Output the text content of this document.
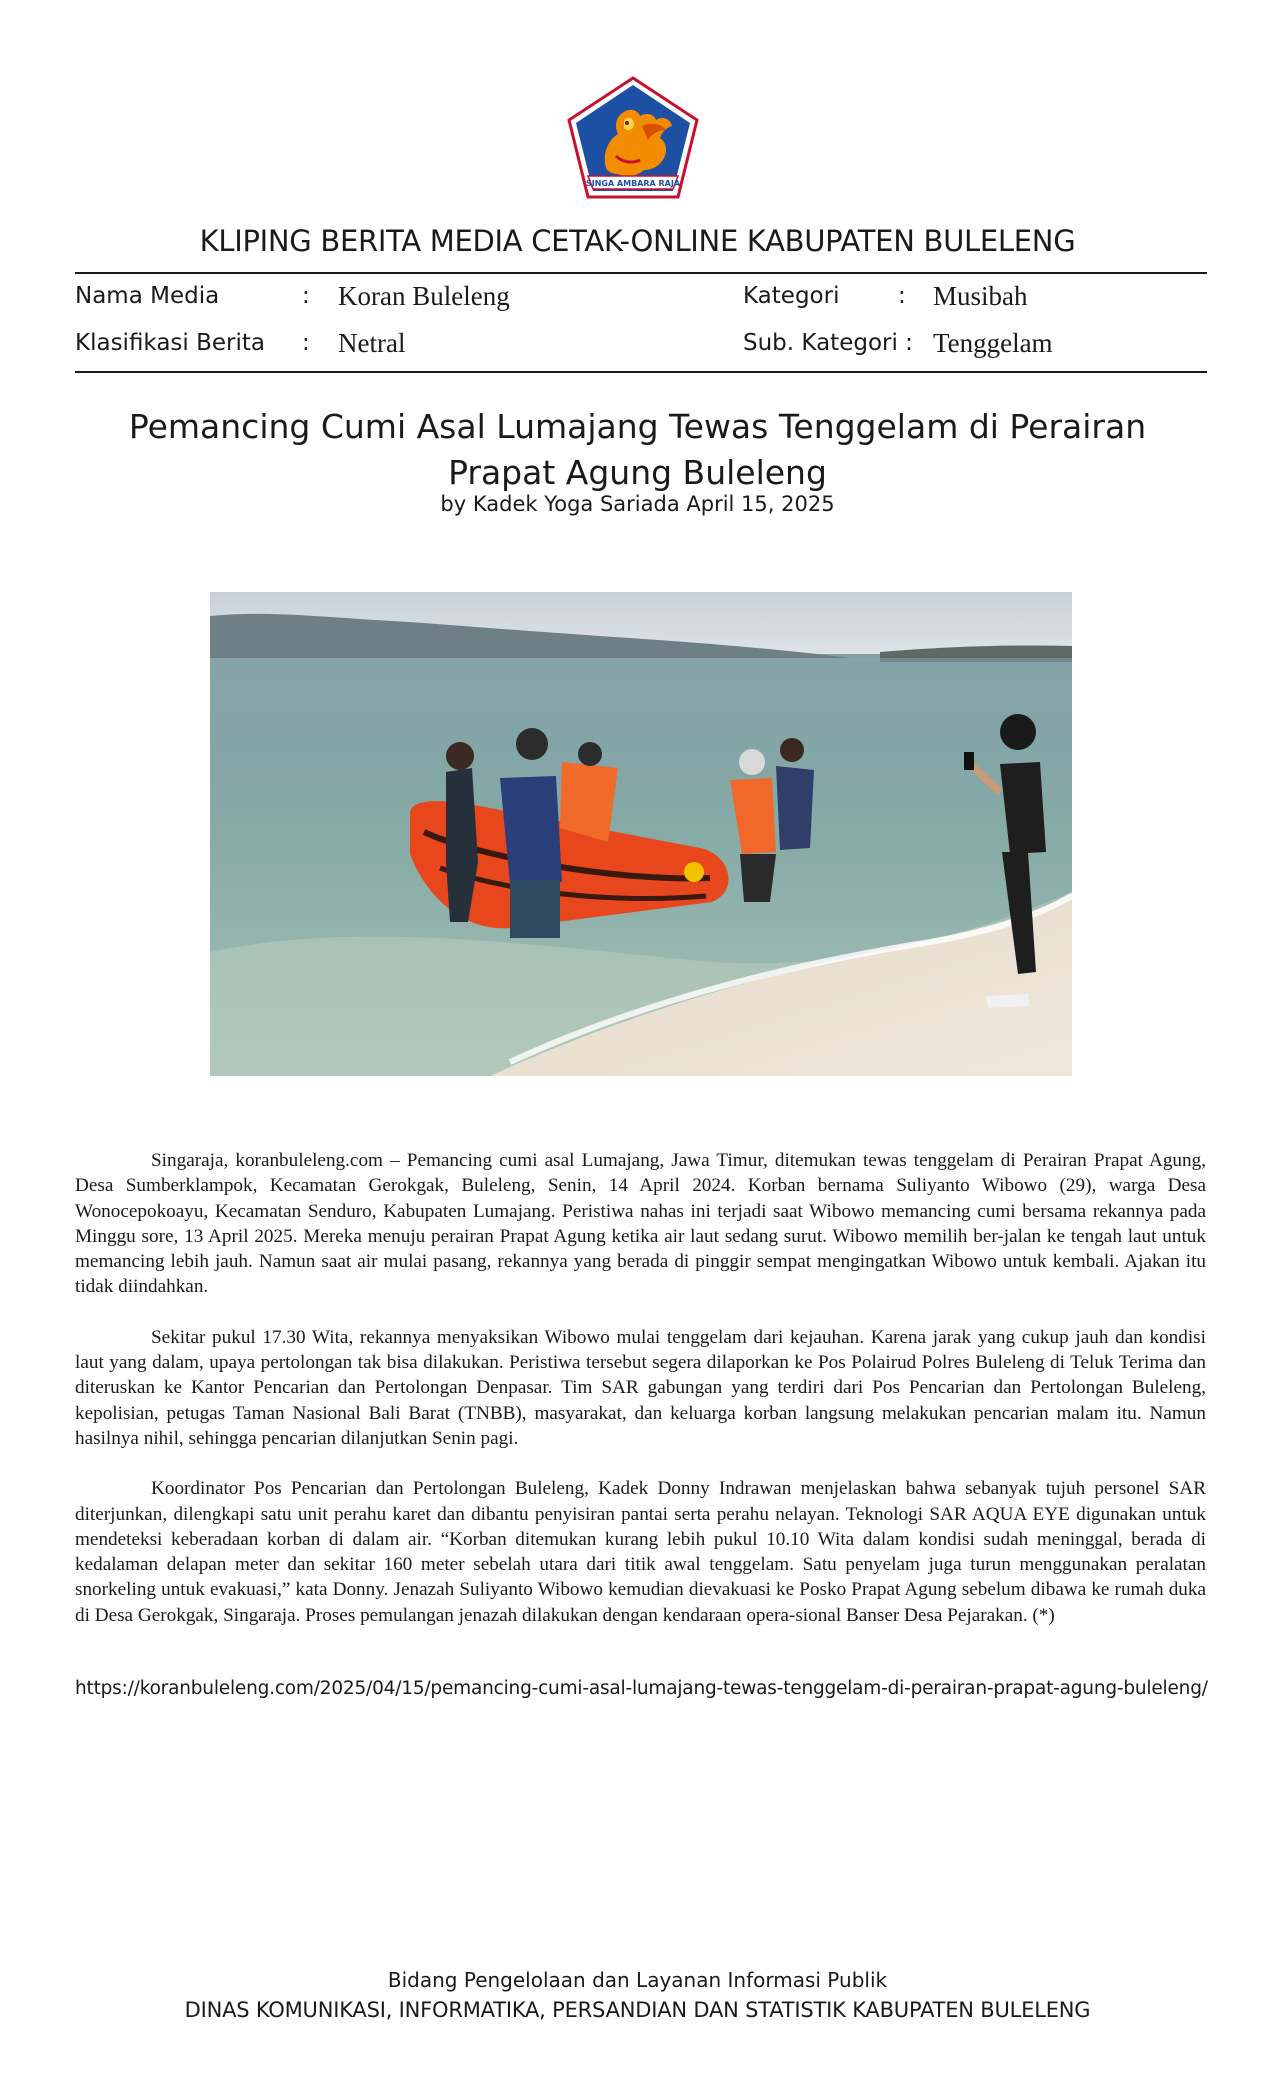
SINGA AMBARA RAJA
KLIPING BERITA MEDIA CETAK-ONLINE KABUPATEN BULELENG
Nama Media	: Koran Buleleng
Klasifikasi Berita : Netral
Kategori	: Musibah
Sub. Kategori : Tenggelam
Pemancing Cumi Asal Lumajang Tewas Tenggelam di Perairan Prapat Agung Buleleng
by Kadek Yoga Sariada April 15, 2025

Singaraja, koranbuleleng.com – Pemancing cumi asal Lumajang, Jawa Timur, ditemukan tewas tenggelam di Perairan Prapat Agung, Desa Sumberklampok, Kecamatan Gerokgak, Buleleng, Senin, 14 April 2024. Korban bernama Suliyanto Wibowo (29), warga Desa Wonocepokoayu, Kecamatan Senduro, Kabupaten Lumajang. Peristiwa nahas ini terjadi saat Wibowo memancing cumi bersama rekannya pada Minggu sore, 13 April 2025. Mereka menuju perairan Prapat Agung ketika air laut sedang surut. Wibowo memilih ber-jalan ke tengah laut untuk memancing lebih jauh. Namun saat air mulai pasang, rekannya yang berada di pinggir sempat mengingatkan Wibowo untuk kembali. Ajakan itu tidak diindahkan.

Sekitar pukul 17.30 Wita, rekannya menyaksikan Wibowo mulai tenggelam dari kejauhan. Karena jarak yang cukup jauh dan kondisi laut yang dalam, upaya pertolongan tak bisa dilakukan. Peristiwa tersebut segera dilaporkan ke Pos Polairud Polres Buleleng di Teluk Terima dan diteruskan ke Kantor Pencarian dan Pertolongan Denpasar. Tim SAR gabungan yang terdiri dari Pos Pencarian dan Pertolongan Buleleng, kepolisian, petugas Taman Nasional Bali Barat (TNBB), masyarakat, dan keluarga korban langsung melakukan pencarian malam itu. Namun hasilnya nihil, sehingga pencarian dilanjutkan Senin pagi.

Koordinator Pos Pencarian dan Pertolongan Buleleng, Kadek Donny Indrawan menjelaskan bahwa sebanyak tujuh personel SAR diterjunkan, dilengkapi satu unit perahu karet dan dibantu penyisiran pantai serta perahu nelayan. Teknologi SAR AQUA EYE digunakan untuk mendeteksi keberadaan korban di dalam air. “Korban ditemukan kurang lebih pukul 10.10 Wita dalam kondisi sudah meninggal, berada di kedalaman delapan meter dan sekitar 160 meter sebelah utara dari titik awal tenggelam. Satu penyelam juga turun menggunakan peralatan snorkeling untuk evakuasi,” kata Donny. Jenazah Suliyanto Wibowo kemudian dievakuasi ke Posko Prapat Agung sebelum dibawa ke rumah duka di Desa Gerokgak, Singaraja. Proses pemulangan jenazah dilakukan dengan kendaraan opera-sional Banser Desa Pejarakan. (*)

https://koranbuleleng.com/2025/04/15/pemancing-cumi-asal-lumajang-tewas-tenggelam-di-perairan-prapat-agung-buleleng/
Bidang Pengelolaan dan Layanan Informasi Publik
DINAS KOMUNIKASI, INFORMATIKA, PERSANDIAN DAN STATISTIK KABUPATEN BULELENG
